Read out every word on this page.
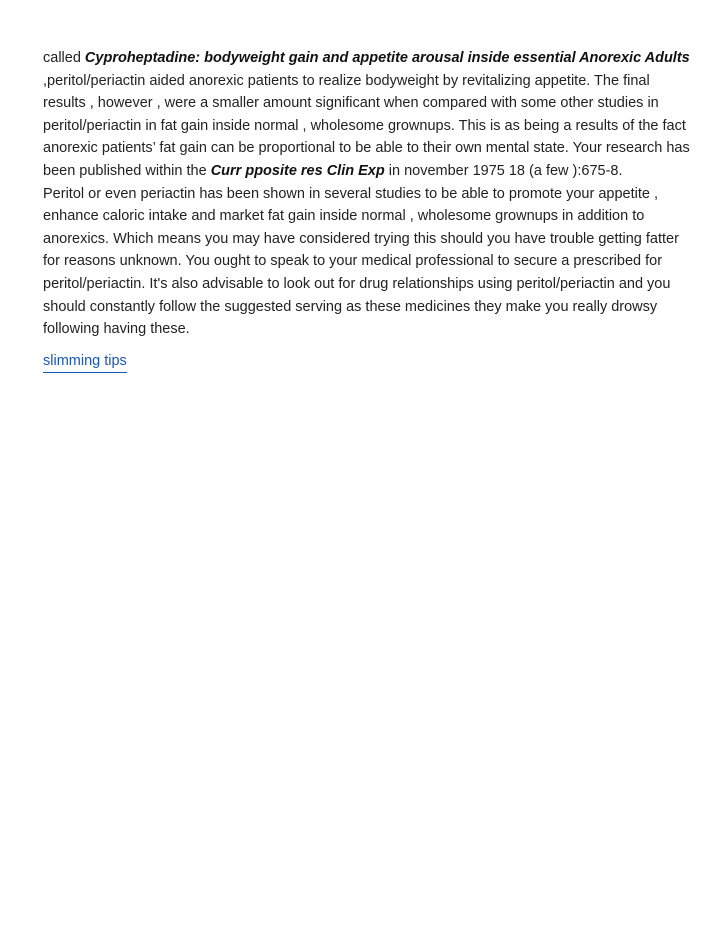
called Cyproheptadine: bodyweight gain and appetite arousal inside essential Anorexic Adults
,peritol/periactin aided anorexic patients to realize bodyweight by revitalizing appetite. The final
results , however , were a smaller amount significant when compared with some other studies in
peritol/periactin in fat gain inside normal , wholesome grownups. This is as being a results of the fact
anorexic patients’ fat gain can be proportional to be able to their own mental state. Your research has
been published within the Curr pposite res Clin Exp in november 1975 18 (a few ):675-8.
Peritol or even periactin has been shown in several studies to be able to promote your appetite ,
enhance caloric intake and market fat gain inside normal , wholesome grownups in addition to
anorexics. Which means you may have considered trying this should you have trouble getting fatter
for reasons unknown. You ought to speak to your medical professional to secure a prescribed for
peritol/periactin. It's also advisable to look out for drug relationships using peritol/periactin and you
should constantly follow the suggested serving as these medicines they make you really drowsy
following having these.
slimming tips
